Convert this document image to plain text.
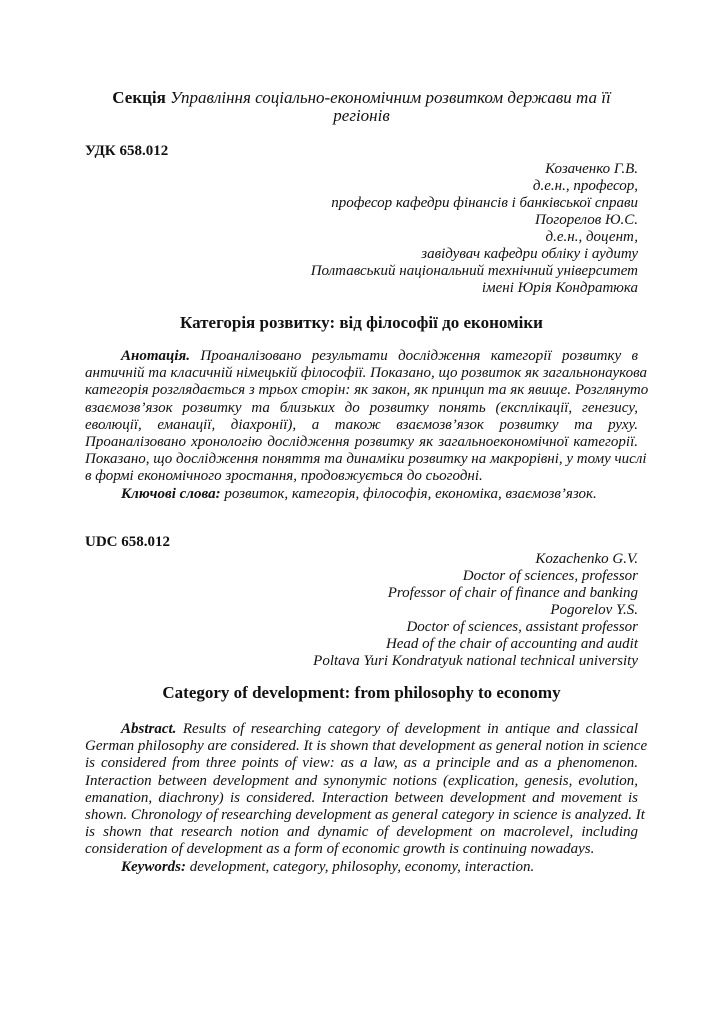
Секція Управління соціально-економічним розвитком держави та її
регіонів
УДК 658.012
Козаченко Г.В.
д.е.н., професор,
професор кафедри фінансів і банківської справи
Погорелов Ю.С.
д.е.н., доцент,
завідувач кафедри обліку і аудиту
Полтавський національний технічний університет
імені Юрія Кондратюка
Категорія розвитку: від філософії до економіки
Анотація. Проаналізовано результати дослідження категорії розвитку в
античній та класичній німецькій філософії. Показано, що розвиток як загальнонаукова
категорія розглядається з трьох сторін: як закон, як принцип та як явище. Розглянуто
взаємозв’язок розвитку та близьких до розвитку понять (експлікації, генезису,
еволюції, еманації, діахронії), а також взаємозв’язок розвитку та руху.
Проаналізовано хронологію дослідження розвитку як загальноекономічної категорії.
Показано, що дослідження поняття та динаміки розвитку на макрорівні, у тому числі
в формі економічного зростання, продовжується до сьогодні.
Ключові слова: розвиток, категорія, філософія, економіка, взаємозв’язок.
UDC 658.012
Kozachenko G.V.
Doctor of sciences, professor
Professor of chair of finance and banking
Pogorelov Y.S.
Doctor of sciences, assistant professor
Head of the chair of accounting and audit
Poltava Yuri Kondratyuk national technical university
Category of development: from philosophy to economy
Abstract. Results of researching category of development in antique and classical
German philosophy are considered. It is shown that development as general notion in science
is considered from three points of view: as a law, as a principle and as a phenomenon.
Interaction between development and synonymic notions (explication, genesis, evolution,
emanation, diachrony) is considered. Interaction between development and movement is
shown. Chronology of researching development as general category in science is analyzed. It
is shown that research notion and dynamic of development on macrolevel, including
consideration of development as a form of economic growth is continuing nowadays.
Keywords: development, category, philosophy, economy, interaction.
